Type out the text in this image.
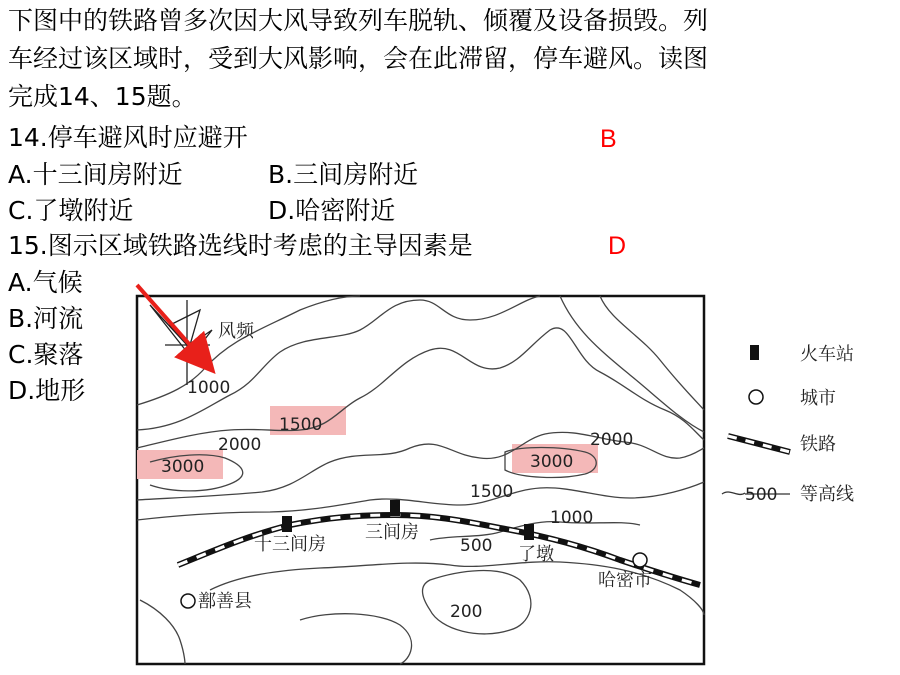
下图中的铁路曾多次因大风导致列车脱轨、倾覆及设备损毁。列
车经过该区域时，受到大风影响，会在此滞留，停车避风。读图
完成14、15题。
14.停车避风时应避开	B
A.十三间房附近	B.三间房附近
C.了墩附近	D.哈密附近
15.图示区域铁路选线时考虑的主导因素是	D
A.气候
B.河流
C.聚落
D.地形
风频
1000
1500
2000
3000
2000
3000
1500
1000
500
200
十三间房
三间房
了墩
哈密市
鄯善县
火车站
城市
铁路
500 等高线
